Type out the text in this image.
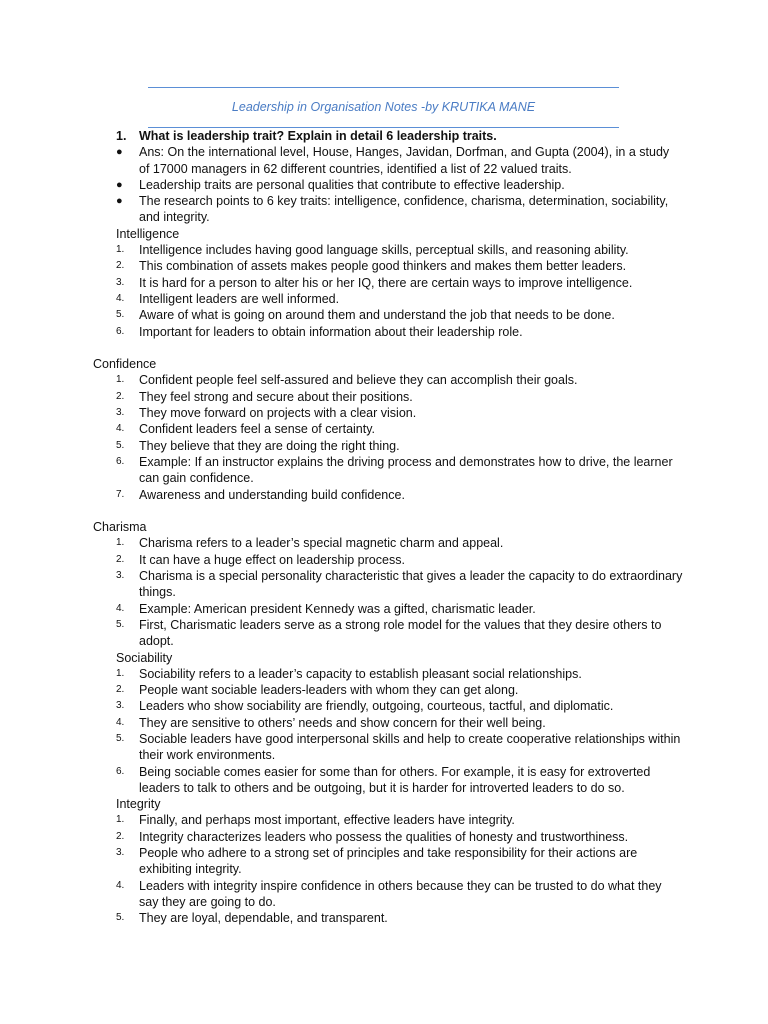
Leadership in Organisation Notes -by KRUTIKA MANE
1.	What is leadership trait? Explain in detail 6 leadership traits.
●	Ans: On the international level, House, Hanges, Javidan, Dorfman, and Gupta (2004), in a study of 17000 managers in 62 different countries, identified a list of 22 valued traits.
●	Leadership traits are personal qualities that contribute to effective leadership.
●	The research points to 6 key traits: intelligence, confidence, charisma, determination, sociability, and integrity.
Intelligence
1.	Intelligence includes having good language skills, perceptual skills, and reasoning ability.
2.	This combination of assets makes people good thinkers and makes them better leaders.
3.	It is hard for a person to alter his or her IQ, there are certain ways to improve intelligence.
4.	Intelligent leaders are well informed.
5.	Aware of what is going on around them and understand the job that needs to be done.
6.	Important for leaders to obtain information about their leadership role.
Confidence
1.	Confident people feel self-assured and believe they can accomplish their goals.
2.	They feel strong and secure about their positions.
3.	They move forward on projects with a clear vision.
4.	Confident leaders feel a sense of certainty.
5.	They believe that they are doing the right thing.
6.	Example: If an instructor explains the driving process and demonstrates how to drive, the learner can gain confidence.
7.	Awareness and understanding build confidence.
Charisma
1.	Charisma refers to a leader’s special magnetic charm and appeal.
2.	It can have a huge effect on leadership process.
3.	Charisma is a special personality characteristic that gives a leader the capacity to do extraordinary things.
4.	Example: American president Kennedy was a gifted, charismatic leader.
5.	First, Charismatic leaders serve as a strong role model for the values that they desire others to adopt.
Sociability
1.	Sociability refers to a leader’s capacity to establish pleasant social relationships.
2.	People want sociable leaders-leaders with whom they can get along.
3.	Leaders who show sociability are friendly, outgoing, courteous, tactful, and diplomatic.
4.	They are sensitive to others’ needs and show concern for their well being.
5.	Sociable leaders have good interpersonal skills and help to create cooperative relationships within their work environments.
6.	Being sociable comes easier for some than for others. For example, it is easy for extroverted leaders to talk to others and be outgoing, but it is harder for introverted leaders to do so.
Integrity
1.	Finally, and perhaps most important, effective leaders have integrity.
2.	Integrity characterizes leaders who possess the qualities of honesty and trustworthiness.
3.	People who adhere to a strong set of principles and take responsibility for their actions are exhibiting integrity.
4.	Leaders with integrity inspire confidence in others because they can be trusted to do what they say they are going to do.
5.	They are loyal, dependable, and transparent.
